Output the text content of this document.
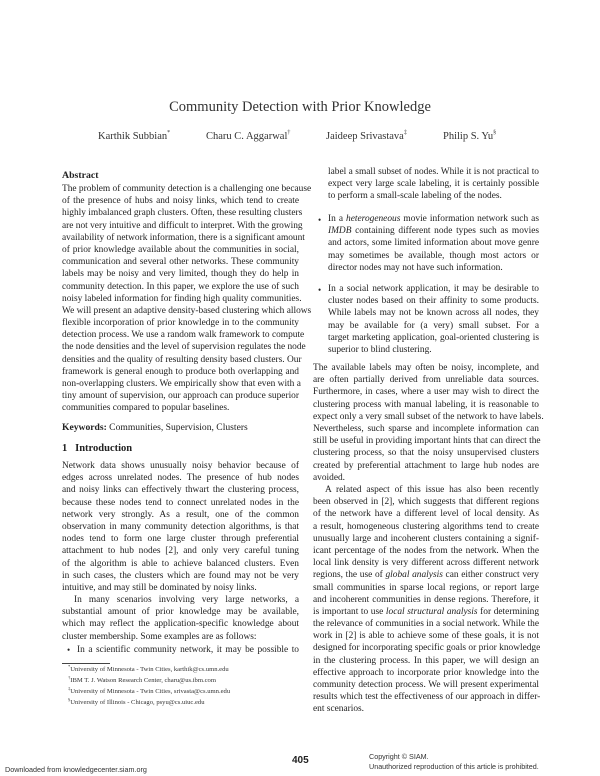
Community Detection with Prior Knowledge
Karthik Subbian*	Charu C. Aggarwal†	Jaideep Srivastava‡	Philip S. Yu§
Abstract
The problem of community detection is a challenging one because
of the presence of hubs and noisy links, which tend to create
highly imbalanced graph clusters. Often, these resulting clusters
are not very intuitive and difficult to interpret. With the growing
availability of network information, there is a significant amount
of prior knowledge available about the communities in social,
communication and several other networks. These community
labels may be noisy and very limited, though they do help in
community detection. In this paper, we explore the use of such
noisy labeled information for finding high quality communities.
We will present an adaptive density-based clustering which allows
flexible incorporation of prior knowledge in to the community
detection process. We use a random walk framework to compute
the node densities and the level of supervision regulates the node
densities and the quality of resulting density based clusters. Our
framework is general enough to produce both overlapping and
non-overlapping clusters. We empirically show that even with a
tiny amount of supervision, our approach can produce superior
communities compared to popular baselines.
Keywords: Communities, Supervision, Clusters
1 Introduction
Network data shows unusually noisy behavior because of
edges across unrelated nodes. The presence of hub nodes
and noisy links can effectively thwart the clustering process,
because these nodes tend to connect unrelated nodes in the
network very strongly. As a result, one of the common
observation in many community detection algorithms, is that
nodes tend to form one large cluster through preferential
attachment to hub nodes [2], and only very careful tuning
of the algorithm is able to achieve balanced clusters. Even
in such cases, the clusters which are found may not be very
intuitive, and may still be dominated by noisy links.
In many scenarios involving very large networks, a
substantial amount of prior knowledge may be available,
which may reflect the application-specific knowledge about
cluster membership. Some examples are as follows:
• In a scientific community network, it may be possible to
*University of Minnesota - Twin Cities, karthik@cs.umn.edu
†IBM T. J. Watson Research Center, charu@us.ibm.com
‡University of Minnesota - Twin Cities, srivasta@cs.umn.edu
§University of Illinois - Chicago, psyu@cs.uiuc.edu
label a small subset of nodes. While it is not practical to
expect very large scale labeling, it is certainly possible
to perform a small-scale labeling of the nodes.
• In a heterogeneous movie information network such as
IMDB containing different node types such as movies
and actors, some limited information about move genre
may sometimes be available, though most actors or
director nodes may not have such information.
• In a social network application, it may be desirable to
cluster nodes based on their affinity to some products.
While labels may not be known across all nodes, they
may be available for (a very) small subset. For a
target marketing application, goal-oriented clustering is
superior to blind clustering.
The available labels may often be noisy, incomplete, and
are often partially derived from unreliable data sources.
Furthermore, in cases, where a user may wish to direct the
clustering process with manual labeling, it is reasonable to
expect only a very small subset of the network to have labels.
Nevertheless, such sparse and incomplete information can
still be useful in providing important hints that can direct the
clustering process, so that the noisy unsupervised clusters
created by preferential attachment to large hub nodes are
avoided.
A related aspect of this issue has also been recently
been observed in [2], which suggests that different regions
of the network have a different level of local density. As
a result, homogeneous clustering algorithms tend to create
unusually large and incoherent clusters containing a signif-
icant percentage of the nodes from the network. When the
local link density is very different across different network
regions, the use of global analysis can either construct very
small communities in sparse local regions, or report large
and incoherent communities in dense regions. Therefore, it
is important to use local structural analysis for determining
the relevance of communities in a social network. While the
work in [2] is able to achieve some of these goals, it is not
designed for incorporating specific goals or prior knowledge
in the clustering process. In this paper, we will design an
effective approach to incorporate prior knowledge into the
community detection process. We will present experimental
results which test the effectiveness of our approach in differ-
ent scenarios.
405	Copyright © SIAM.
Unauthorized reproduction of this article is prohibited.
Downloaded from knowledgecenter.siam.org
